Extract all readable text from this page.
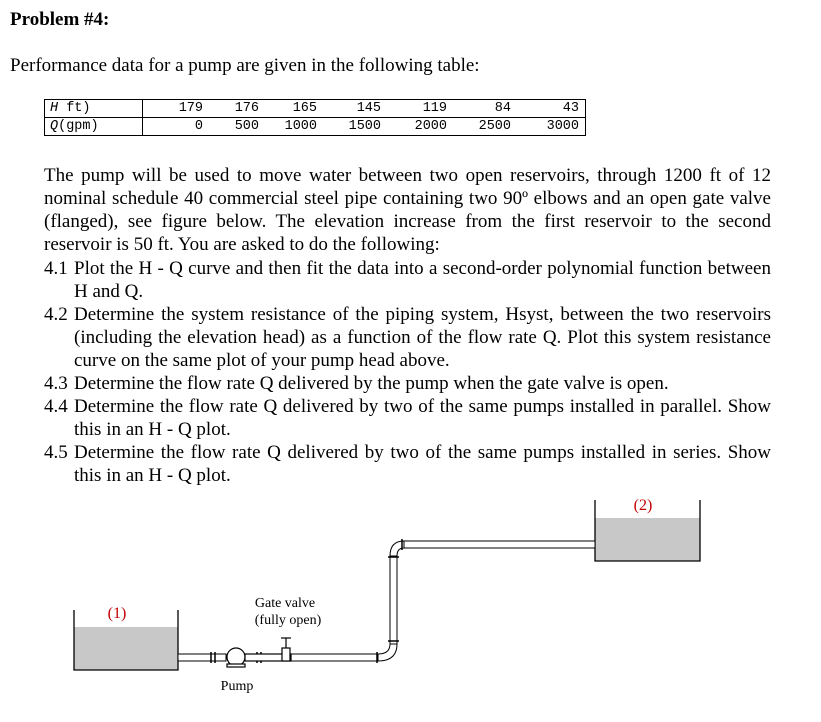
Problem #4:
Performance data for a pump are given in the following table:
H ft)	179	176	165	145	119	84	43
Q(gpm)	0	500	1000	1500	2000	2500	3000
The pump will be used to move water between two open reservoirs, through 1200 ft of 12 nominal schedule 40 commercial steel pipe containing two 90º elbows and an open gate valve (flanged), see figure below. The elevation increase from the first reservoir to the second reservoir is 50 ft. You are asked to do the following:
4.1 Plot the H - Q curve and then fit the data into a second-order polynomial function between H and Q.
4.2 Determine the system resistance of the piping system, Hsyst, between the two reservoirs (including the elevation head) as a function of the flow rate Q. Plot this system resistance curve on the same plot of your pump head above.
4.3 Determine the flow rate Q delivered by the pump when the gate valve is open.
4.4 Determine the flow rate Q delivered by two of the same pumps installed in parallel. Show this in an H - Q plot.
4.5 Determine the flow rate Q delivered by two of the same pumps installed in series. Show this in an H - Q plot.
(2)
(1)
Gate valve
(fully open)
Pump
